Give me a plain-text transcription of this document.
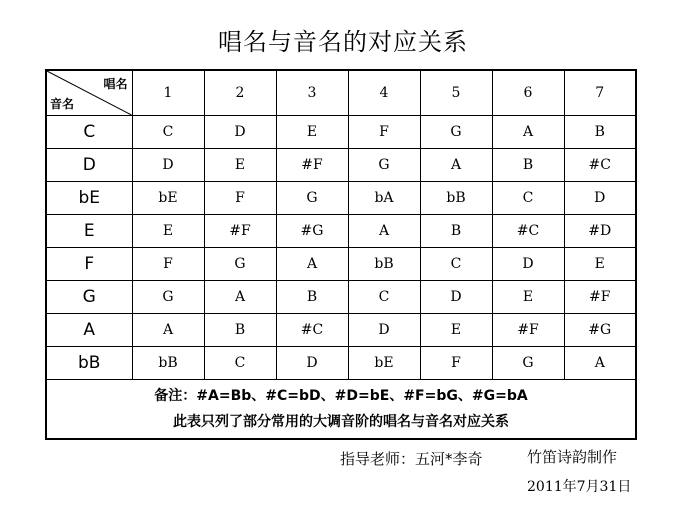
唱名与音名的对应关系
唱名
音名	1	2	3	4	5	6	7
C	C	D	E	F	G	A	B
D	D	E	#F	G	A	B	#C
bE	bE	F	G	bA	bB	C	D
E	E	#F	#G	A	B	#C	#D
F	F	G	A	bB	C	D	E
G	G	A	B	C	D	E	#F
A	A	B	#C	D	E	#F	#G
bB	bB	C	D	bE	F	G	A

备注：#A=Bb、#C=bD、#D=bE、#F=bG、#G=bA
此表只列了部分常用的大调音阶的唱名与音名对应关系							
指导老师：五河*李奇	竹笛诗韵制作
2011年7月31日
